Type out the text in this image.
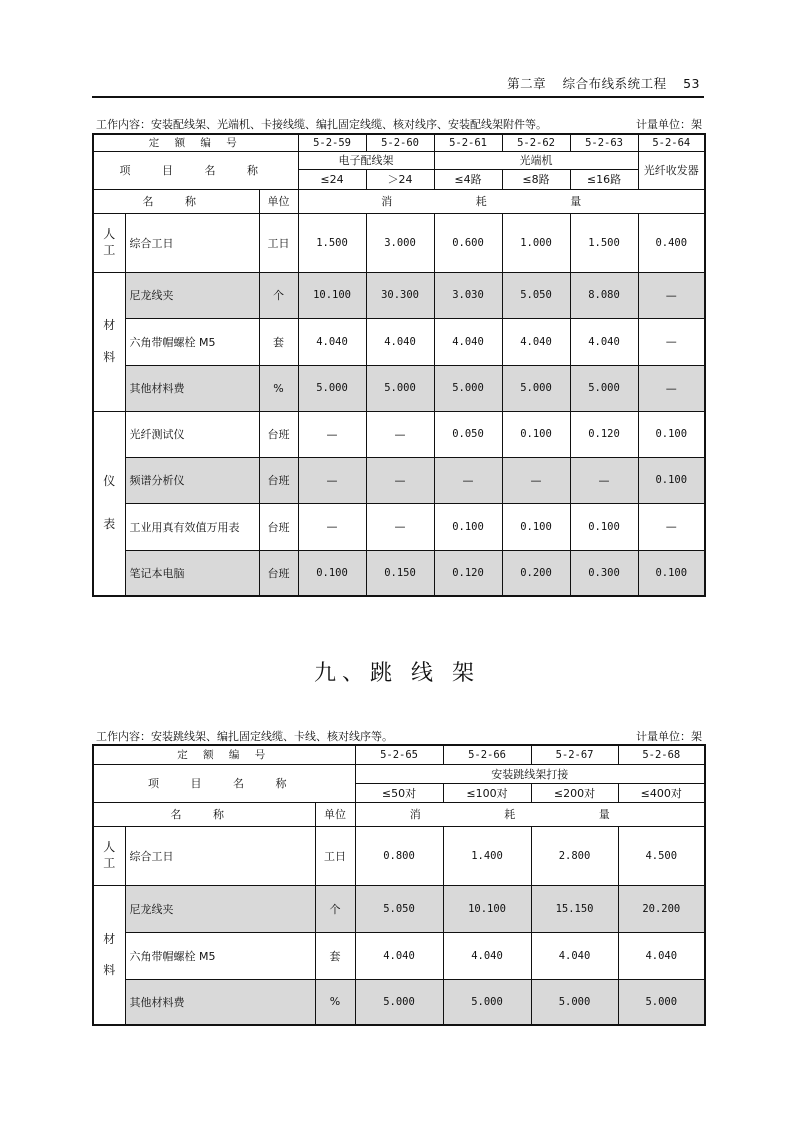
第二章 综合布线系统工程 53
工作内容：安装配线架、光端机、卡接线缆、编扎固定线缆、核对线序、安装配线架附件等。	计量单位：架
定 额 编 号			5-2-59	5-2-60	5-2-61	5-2-62	5-2-63	5-2-64
项 目 名 称			电子配线架		光端机			光纤收发器
			≤24	＞24	≤4路	≤8路	≤16路	
名 称		单位	消 耗 量					
人
工	综合工日	工日	1.500	3.000	0.600	1.000	1.500	0.400
材
料	尼龙线夹	个	10.100	30.300	3.030	5.050	8.080	—
	六角带帽螺栓 M5	套	4.040	4.040	4.040	4.040	4.040	—
	其他材料费	%	5.000	5.000	5.000	5.000	5.000	—
仪
表	光纤测试仪	台班	—	—	0.050	0.100	0.120	0.100
	频谱分析仪	台班	—	—	—	—	—	0.100
	工业用真有效值万用表	台班	—	—	0.100	0.100	0.100	—
	笔记本电脑	台班	0.100	0.150	0.120	0.200	0.300	0.100
九、跳 线 架
工作内容：安装跳线架、编扎固定线缆、卡线、核对线序等。	计量单位：架
定 额 编 号			5-2-65	5-2-66	5-2-67	5-2-68
项 目 名 称			安装跳线架打接			
			≤50对	≤100对	≤200对	≤400对
名 称		单位	消 耗 量			
人
工	综合工日	工日	0.800	1.400	2.800	4.500
材
料	尼龙线夹	个	5.050	10.100	15.150	20.200
	六角带帽螺栓 M5	套	4.040	4.040	4.040	4.040
	其他材料费	%	5.000	5.000	5.000	5.000
